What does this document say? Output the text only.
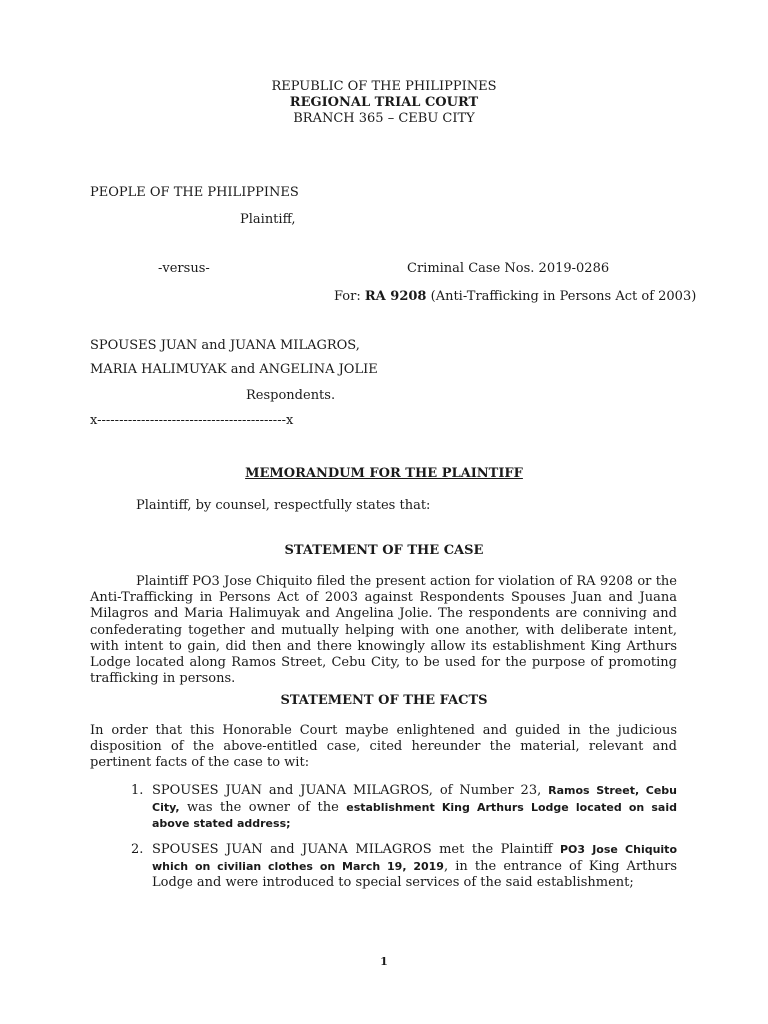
REPUBLIC OF THE PHILIPPINES
REGIONAL TRIAL COURT
BRANCH 365 – CEBU CITY
PEOPLE OF THE PHILIPPINES
Plaintiff,
-versus-	Criminal Case Nos. 2019-0286
For: RA 9208 (Anti-Trafficking in Persons Act of 2003)
SPOUSES JUAN and JUANA MILAGROS,
MARIA HALIMUYAK and ANGELINA JOLIE
Respondents.
x-------------------------------------------x
MEMORANDUM FOR THE PLAINTIFF
Plaintiff, by counsel, respectfully states that:
STATEMENT OF THE CASE
Plaintiff PO3 Jose Chiquito filed the present action for violation of RA 9208 or the Anti-Trafficking in Persons Act of 2003 against Respondents Spouses Juan and Juana Milagros and Maria Halimuyak and Angelina Jolie. The respondents are conniving and confederating together and mutually helping with one another, with deliberate intent, with intent to gain, did then and there knowingly allow its establishment King Arthurs Lodge located along Ramos Street, Cebu City, to be used for the purpose of promoting trafficking in persons.
STATEMENT OF THE FACTS
In order that this Honorable Court maybe enlightened and guided in the judicious disposition of the above-entitled case, cited hereunder the material, relevant and pertinent facts of the case to wit:
1. SPOUSES JUAN and JUANA MILAGROS, of Number 23, Ramos Street, Cebu City, was the owner of the establishment King Arthurs Lodge located on said above stated address;
2. SPOUSES JUAN and JUANA MILAGROS met the Plaintiff PO3 Jose Chiquito which on civilian clothes on March 19, 2019, in the entrance of King Arthurs Lodge and were introduced to special services of the said establishment;
1
